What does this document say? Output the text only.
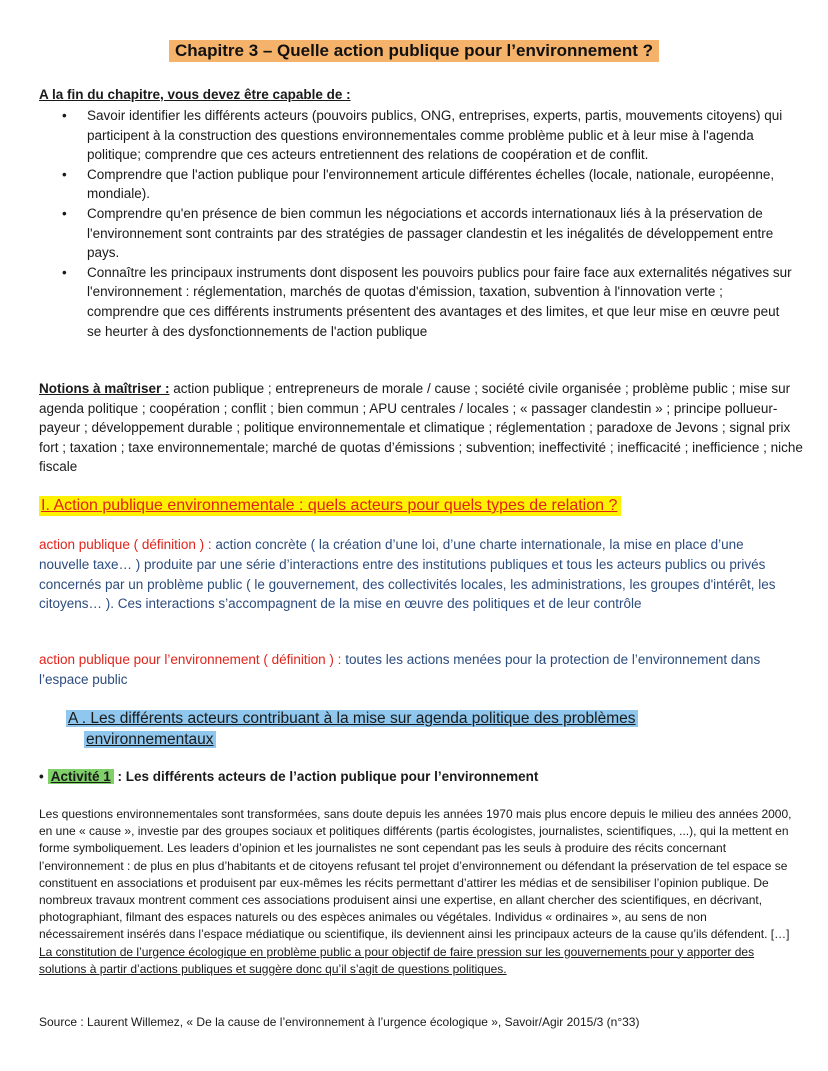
Chapitre 3 – Quelle action publique pour l’environnement ?
A la fin du chapitre, vous devez être capable de :
• Savoir identifier les différents acteurs (pouvoirs publics, ONG, entreprises, experts, partis, mouvements citoyens) qui participent à la construction des questions environnementales comme problème public et à leur mise à l'agenda politique; comprendre que ces acteurs entretiennent des relations de coopération et de conflit.
• Comprendre que l'action publique pour l'environnement articule différentes échelles (locale, nationale, européenne, mondiale).
• Comprendre qu'en présence de bien commun les négociations et accords internationaux liés à la préservation de l'environnement sont contraints par des stratégies de passager clandestin et les inégalités de développement entre pays.
• Connaître les principaux instruments dont disposent les pouvoirs publics pour faire face aux externalités négatives sur l'environnement : réglementation, marchés de quotas d'émission, taxation, subvention à l'innovation verte ; comprendre que ces différents instruments présentent des avantages et des limites, et que leur mise en œuvre peut se heurter à des dysfonctionnements de l'action publique
Notions à maîtriser : action publique ; entrepreneurs de morale / cause ; société civile organisée ; problème public ; mise sur agenda politique ; coopération ; conflit ; bien commun ; APU centrales / locales ; « passager clandestin » ; principe pollueur-payeur ; développement durable ; politique environnementale et climatique ; réglementation ; paradoxe de Jevons ; signal prix fort ; taxation ; taxe environnementale; marché de quotas d’émissions ; subvention; ineffectivité ; inefficacité ; inefficience ; niche fiscale
I. Action publique environnementale : quels acteurs pour quels types de relation ?
action publique ( définition ) : action concrète ( la création d’une loi, d’une charte internationale, la mise en place d’une nouvelle taxe… ) produite par une série d’interactions entre des institutions publiques et tous les acteurs publics ou privés concernés par un problème public ( le gouvernement, des collectivités locales, les administrations, les groupes d'intérêt, les citoyens… ). Ces interactions s’accompagnent de la mise en œuvre des politiques et de leur contrôle
action publique pour l’environnement ( définition ) : toutes les actions menées pour la protection de l’environnement dans l’espace public
A . Les différents acteurs contribuant à la mise sur agenda politique des problèmes
environnementaux
• Activité 1 : Les différents acteurs de l’action publique pour l’environnement
Les questions environnementales sont transformées, sans doute depuis les années 1970 mais plus encore depuis le milieu des années 2000, en une « cause », investie par des groupes sociaux et politiques différents (partis écologistes, journalistes, scientifiques, ...), qui la mettent en forme symboliquement. Les leaders d’opinion et les journalistes ne sont cependant pas les seuls à produire des récits concernant l’environnement : de plus en plus d’habitants et de citoyens refusant tel projet d’environnement ou défendant la préservation de tel espace se constituent en associations et produisent par eux-mêmes les récits permettant d’attirer les médias et de sensibiliser l’opinion publique. De nombreux travaux montrent comment ces associations produisent ainsi une expertise, en allant chercher des scientifiques, en décrivant, photographiant, filmant des espaces naturels ou des espèces animales ou végétales. Individus « ordinaires », au sens de non nécessairement insérés dans l’espace médiatique ou scientifique, ils deviennent ainsi les principaux acteurs de la cause qu’ils défendent. […] La constitution de l’urgence écologique en problème public a pour objectif de faire pression sur les gouvernements pour y apporter des solutions à partir d’actions publiques et suggère donc qu’il s’agit de questions politiques.
Source : Laurent Willemez, « De la cause de l’environnement à l’urgence écologique », Savoir/Agir 2015/3 (n°33)
